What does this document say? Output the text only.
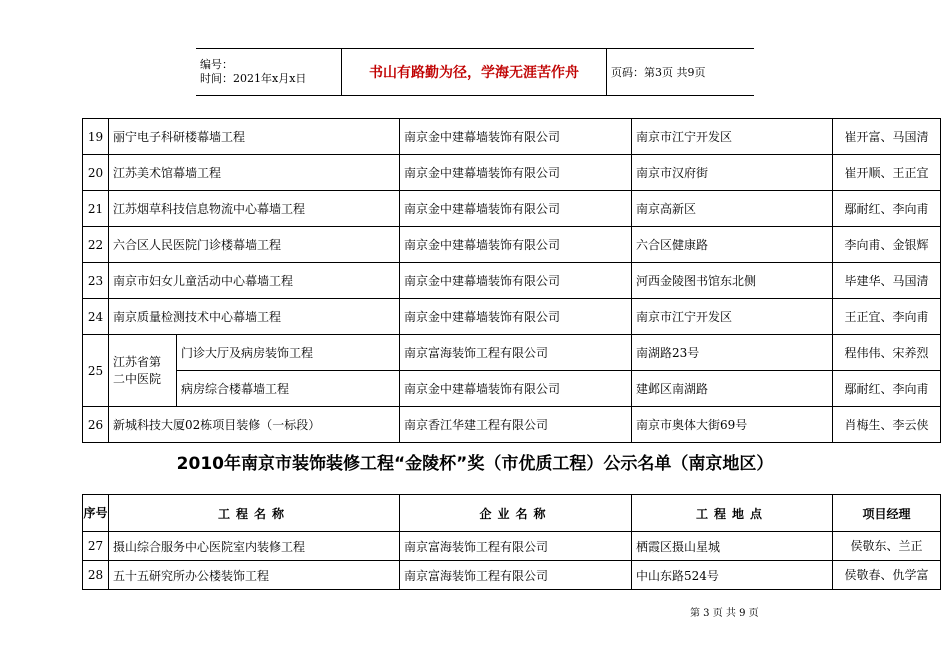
编号：
时间：2021年x月x日	书山有路勤为径，学海无涯苦作舟	页码：第3页 共9页
19	丽宁电子科研楼幕墙工程		南京金中建幕墙装饰有限公司	南京市江宁开发区	崔开富、马国清
20	江苏美术馆幕墙工程		南京金中建幕墙装饰有限公司	南京市汉府街	崔开顺、王正宜
21	江苏烟草科技信息物流中心幕墙工程		南京金中建幕墙装饰有限公司	南京高新区	鄢耐红、李向甫
22	六合区人民医院门诊楼幕墙工程		南京金中建幕墙装饰有限公司	六合区健康路	李向甫、金银辉
23	南京市妇女儿童活动中心幕墙工程		南京金中建幕墙装饰有限公司	河西金陵图书馆东北侧	毕建华、马国清
24	南京质量检测技术中心幕墙工程		南京金中建幕墙装饰有限公司	南京市江宁开发区	王正宜、李向甫
25	江苏省第二中医院	门诊大厅及病房装饰工程	南京富海装饰工程有限公司	南湖路23号	程伟伟、宋养烈
		病房综合楼幕墙工程	南京金中建幕墙装饰有限公司	建邺区南湖路	鄢耐红、李向甫
26	新城科技大厦02栋项目装修（一标段）		南京香江华建工程有限公司	南京市奥体大街69号	肖梅生、李云侠
2010年南京市装饰装修工程“金陵杯”奖（市优质工程）公示名单（南京地区）
序号	工程名称	企业名称	工程地点	项目经理
27	摄山综合服务中心医院室内装修工程	南京富海装饰工程有限公司	栖霞区摄山星城	侯敬东、兰正
28	五十五研究所办公楼装饰工程	南京富海装饰工程有限公司	中山东路524号	侯敬春、仇学富
第 3 页 共 9 页
